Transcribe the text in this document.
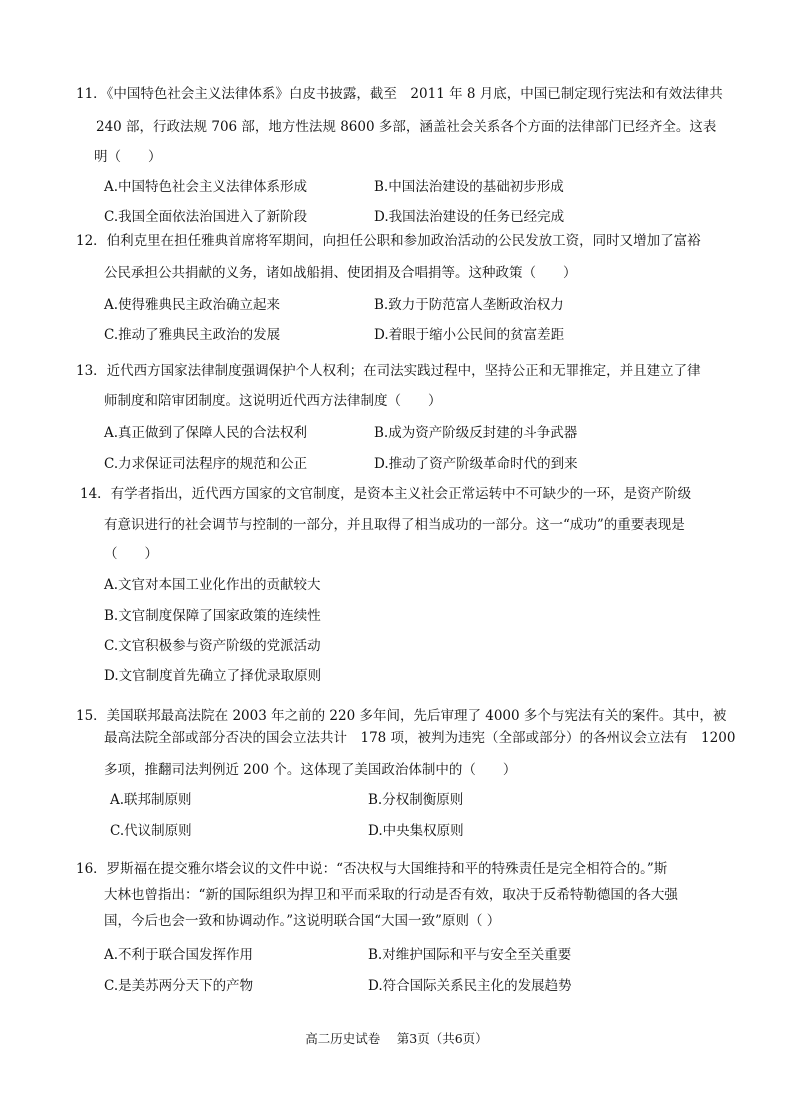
11．《中国特色社会主义法律体系》白皮书披露，截至　2011 年 8 月底，中国已制定现行宪法和有效法律共
240 部，行政法规 706 部，地方性法规 8600 多部，涵盖社会关系各个方面的法律部门已经齐全。这表
明（　　）
A.中国特色社会主义法律体系形成	B.中国法治建设的基础初步形成
C.我国全面依法治国进入了新阶段	D.我国法治建设的任务已经完成
12．伯利克里在担任雅典首席将军期间，向担任公职和参加政治活动的公民发放工资，同时又增加了富裕
公民承担公共捐献的义务，诸如战船捐、使团捐及合唱捐等。这种政策（　　）
A.使得雅典民主政治确立起来	B.致力于防范富人垄断政治权力
C.推动了雅典民主政治的发展	D.着眼于缩小公民间的贫富差距
13．近代西方国家法律制度强调保护个人权利；在司法实践过程中，坚持公正和无罪推定，并且建立了律
师制度和陪审团制度。这说明近代西方法律制度（　　）
A.真正做到了保障人民的合法权利	B.成为资产阶级反封建的斗争武器
C.力求保证司法程序的规范和公正	D.推动了资产阶级革命时代的到来
14．有学者指出，近代西方国家的文官制度，是资本主义社会正常运转中不可缺少的一环，是资产阶级
有意识进行的社会调节与控制的一部分，并且取得了相当成功的一部分。这一“成功”的重要表现是
（　　）
A.文官对本国工业化作出的贡献较大
B.文官制度保障了国家政策的连续性
C.文官积极参与资产阶级的党派活动
D.文官制度首先确立了择优录取原则
15．美国联邦最高法院在 2003 年之前的 220 多年间，先后审理了 4000 多个与宪法有关的案件。其中，被
最高法院全部或部分否决的国会立法共计　178 项，被判为违宪（全部或部分）的各州议会立法有　1200
多项，推翻司法判例近 200 个。这体现了美国政治体制中的（　　）
A.联邦制原则	B.分权制衡原则
C.代议制原则	D.中央集权原则
16．罗斯福在提交雅尔塔会议的文件中说：“否决权与大国维持和平的特殊责任是完全相符合的。”斯
大林也曾指出：“新的国际组织为捍卫和平而采取的行动是否有效，取决于反希特勒德国的各大强
国，今后也会一致和协调动作。”这说明联合国“大国一致”原则（ ）
A.不利于联合国发挥作用	B.对维护国际和平与安全至关重要
C.是美苏两分天下的产物	D.符合国际关系民主化的发展趋势
高二历史试卷　 第3页（共6页）
